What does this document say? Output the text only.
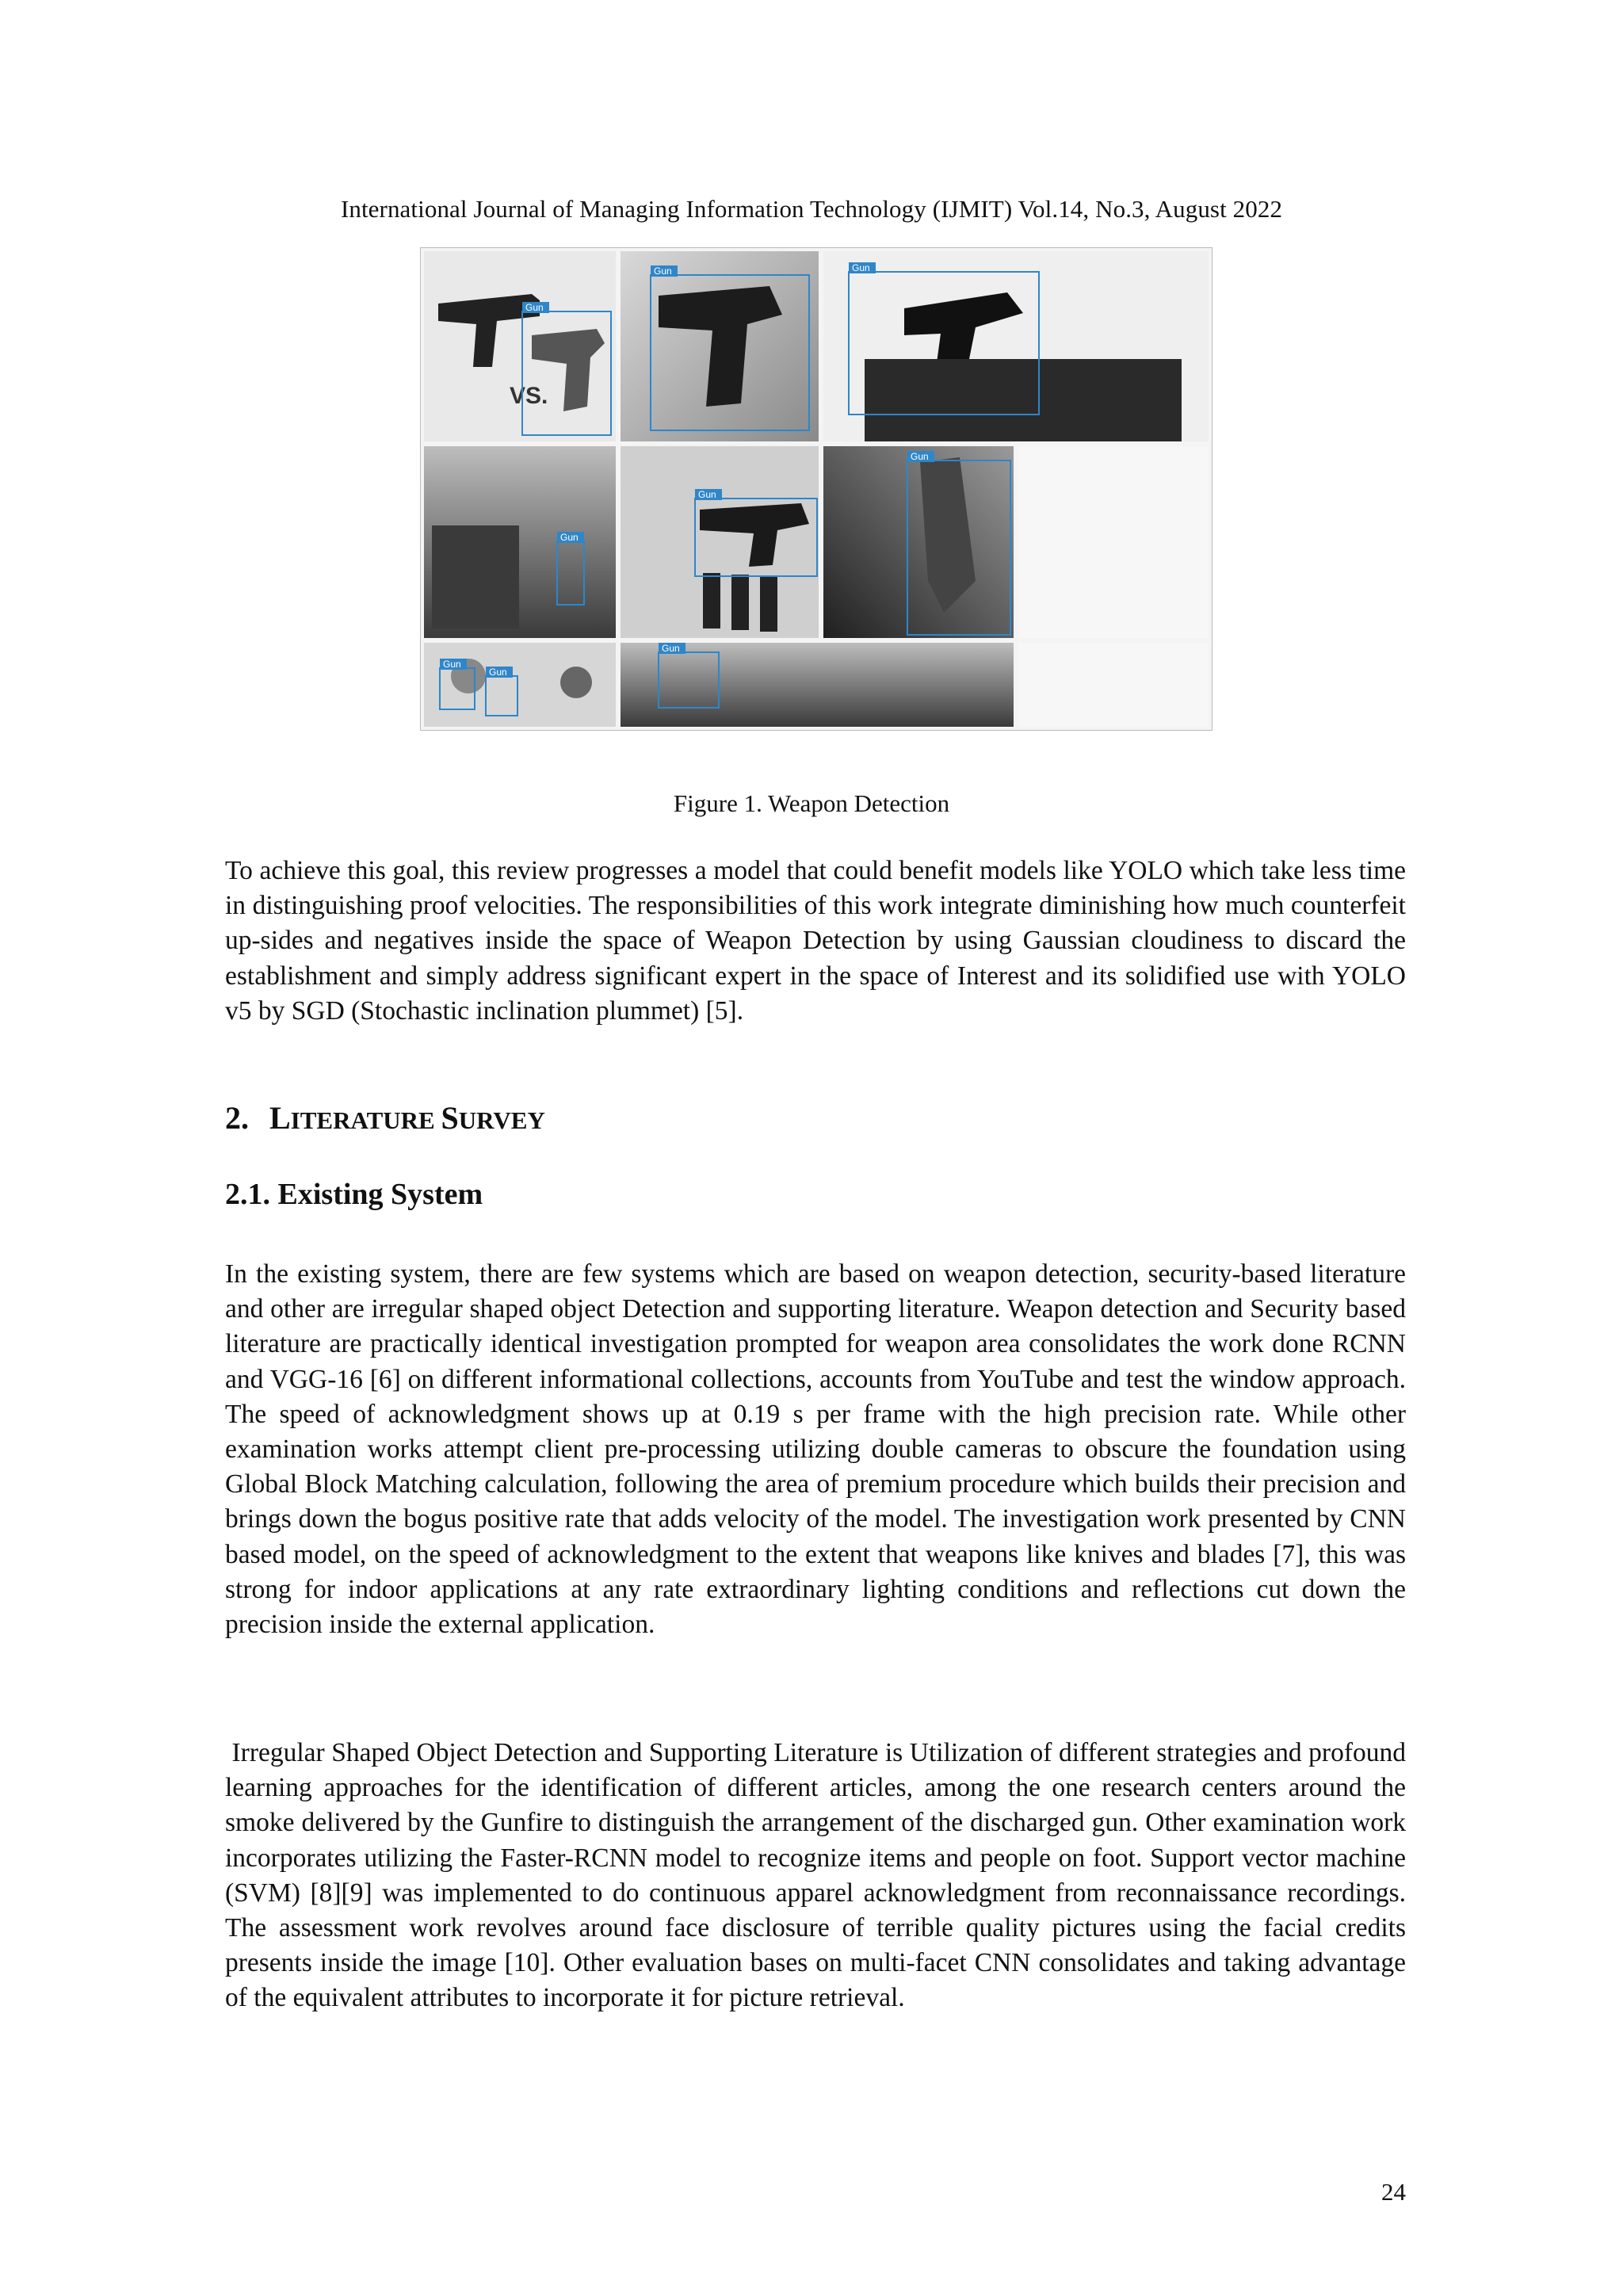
International Journal of Managing Information Technology (IJMIT) Vol.14, No.3, August 2022
VS.
Gun
Gun	Gun
Gun
Gun
Gun
Gun
Gun
Gun
Figure 1. Weapon Detection

To achieve this goal, this review progresses a model that could benefit models like YOLO which take less time in distinguishing proof velocities. The responsibilities of this work integrate diminishing how much counterfeit up-sides and negatives inside the space of Weapon Detection by using Gaussian cloudiness to discard the establishment and simply address significant expert in the space of Interest and its solidified use with YOLO v5 by SGD (Stochastic inclination plummet) [5].

2. LITERATURE SURVEY
2.1. Existing System

In the existing system, there are few systems which are based on weapon detection, security-based literature and other are irregular shaped object Detection and supporting literature. Weapon detection and Security based literature are practically identical investigation prompted for weapon area consolidates the work done RCNN and VGG-16 [6] on different informational collections, accounts from YouTube and test the window approach. The speed of acknowledgment shows up at 0.19 s per frame with the high precision rate. While other examination works attempt client pre-processing utilizing double cameras to obscure the foundation using Global Block Matching calculation, following the area of premium procedure which builds their precision and brings down the bogus positive rate that adds velocity of the model. The investigation work presented by CNN based model, on the speed of acknowledgment to the extent that weapons like knives and blades [7], this was strong for indoor applications at any rate extraordinary lighting conditions and reflections cut down the precision inside the external application.

Irregular Shaped Object Detection and Supporting Literature is Utilization of different strategies and profound learning approaches for the identification of different articles, among the one research centers around the smoke delivered by the Gunfire to distinguish the arrangement of the discharged gun. Other examination work incorporates utilizing the Faster-RCNN model to recognize items and people on foot. Support vector machine (SVM) [8][9] was implemented to do continuous apparel acknowledgment from reconnaissance recordings. The assessment work revolves around face disclosure of terrible quality pictures using the facial credits presents inside the image [10]. Other evaluation bases on multi-facet CNN consolidates and taking advantage of the equivalent attributes to incorporate it for picture retrieval.

24
